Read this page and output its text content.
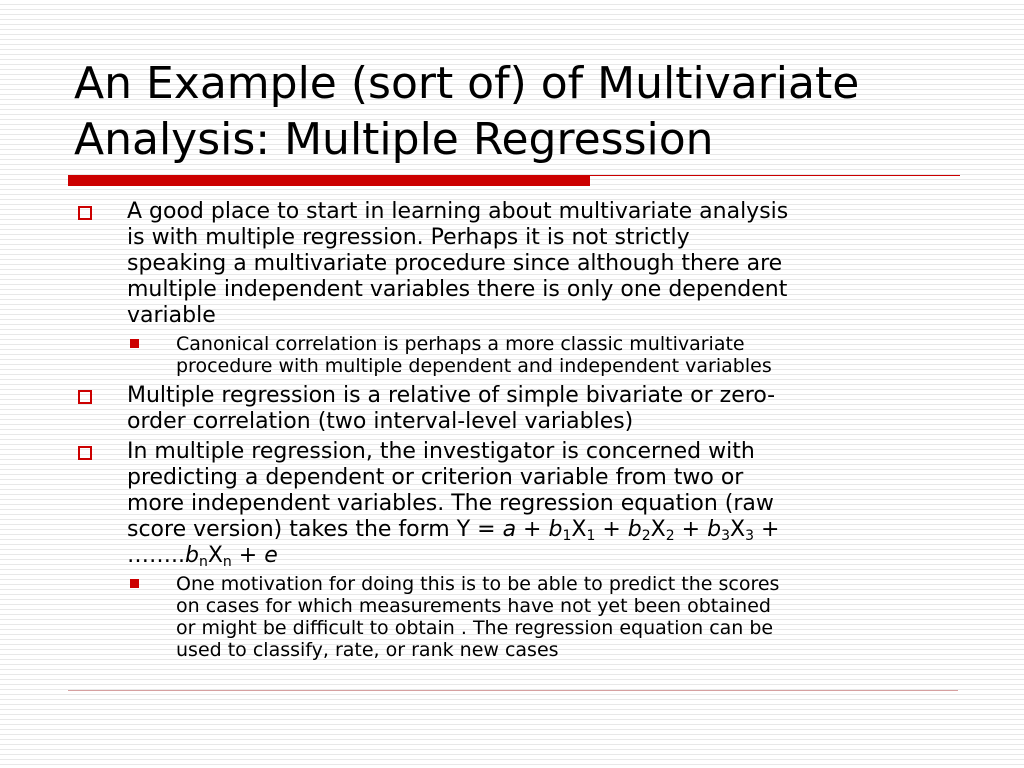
An Example (sort of) of Multivariate
Analysis: Multiple Regression
A good place to start in learning about multivariate analysis
is with multiple regression. Perhaps it is not strictly
speaking a multivariate procedure since although there are
multiple independent variables there is only one dependent
variable
Canonical correlation is perhaps a more classic multivariate
procedure with multiple dependent and independent variables
Multiple regression is a relative of simple bivariate or zero-
order correlation (two interval-level variables)
In multiple regression, the investigator is concerned with
predicting a dependent or criterion variable from two or
more independent variables. The regression equation (raw
score version) takes the form $Y = a + b_1X_1 + b_2X_2 + b_3X_3$ +
$\dots\dots..b_nX_n + e$
One motivation for doing this is to be able to predict the scores
on cases for which measurements have not yet been obtained
or might be difficult to obtain . The regression equation can be
used to classify, rate, or rank new cases
